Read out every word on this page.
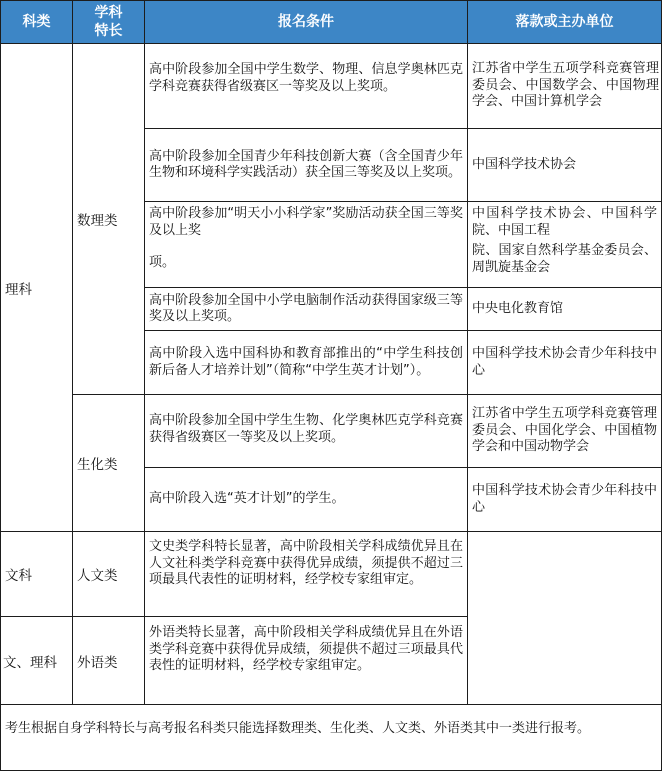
科类
学科
特长
报名条件	落款或主办单位
理科
文科
文、理科
数理类
生化类
人文类
外语类
高中阶段参加全国中学生数学、物理、信息学奥林匹克学科竞赛获得省级赛区一等奖及以上奖项。
高中阶段参加全国青少年科技创新大赛（含全国青少年生物和环境科学实践活动）获全国三等奖及以上奖项。
高中阶段参加“明天小小科学家”奖励活动获全国三等奖及以上奖
项。
高中阶段参加全国中小学电脑制作活动获得国家级三等奖及以上奖项。
高中阶段入选中国科协和教育部推出的“中学生科技创新后备人才培养计划”（简称“中学生英才计划”）。
高中阶段参加全国中学生生物、化学奥林匹克学科竞赛获得省级赛区一等奖及以上奖项。
高中阶段入选“英才计划”的学生。
文史类学科特长显著，高中阶段相关学科成绩优异且在人文社科类学科竞赛中获得优异成绩，须提供不超过三项最具代表性的证明材料，经学校专家组审定。
外语类特长显著，高中阶段相关学科成绩优异且在外语类学科竞赛中获得优异成绩，须提供不超过三项最具代表性的证明材料，经学校专家组审定。
江苏省中学生五项学科竞赛管理委员会、中国数学会、中国物理学会、中国计算机学会
中国科学技术协会
中国科学技术协会、中国科学院、中国工程
院、国家自然科学基金委员会、周凯旋基金会
中央电化教育馆
中国科学技术协会青少年科技中心
江苏省中学生五项学科竞赛管理委员会、中国化学会、中国植物学会和中国动物学会
中国科学技术协会青少年科技中心
考生根据自身学科特长与高考报名科类只能选择数理类、生化类、人文类、外语类其中一类进行报考。
